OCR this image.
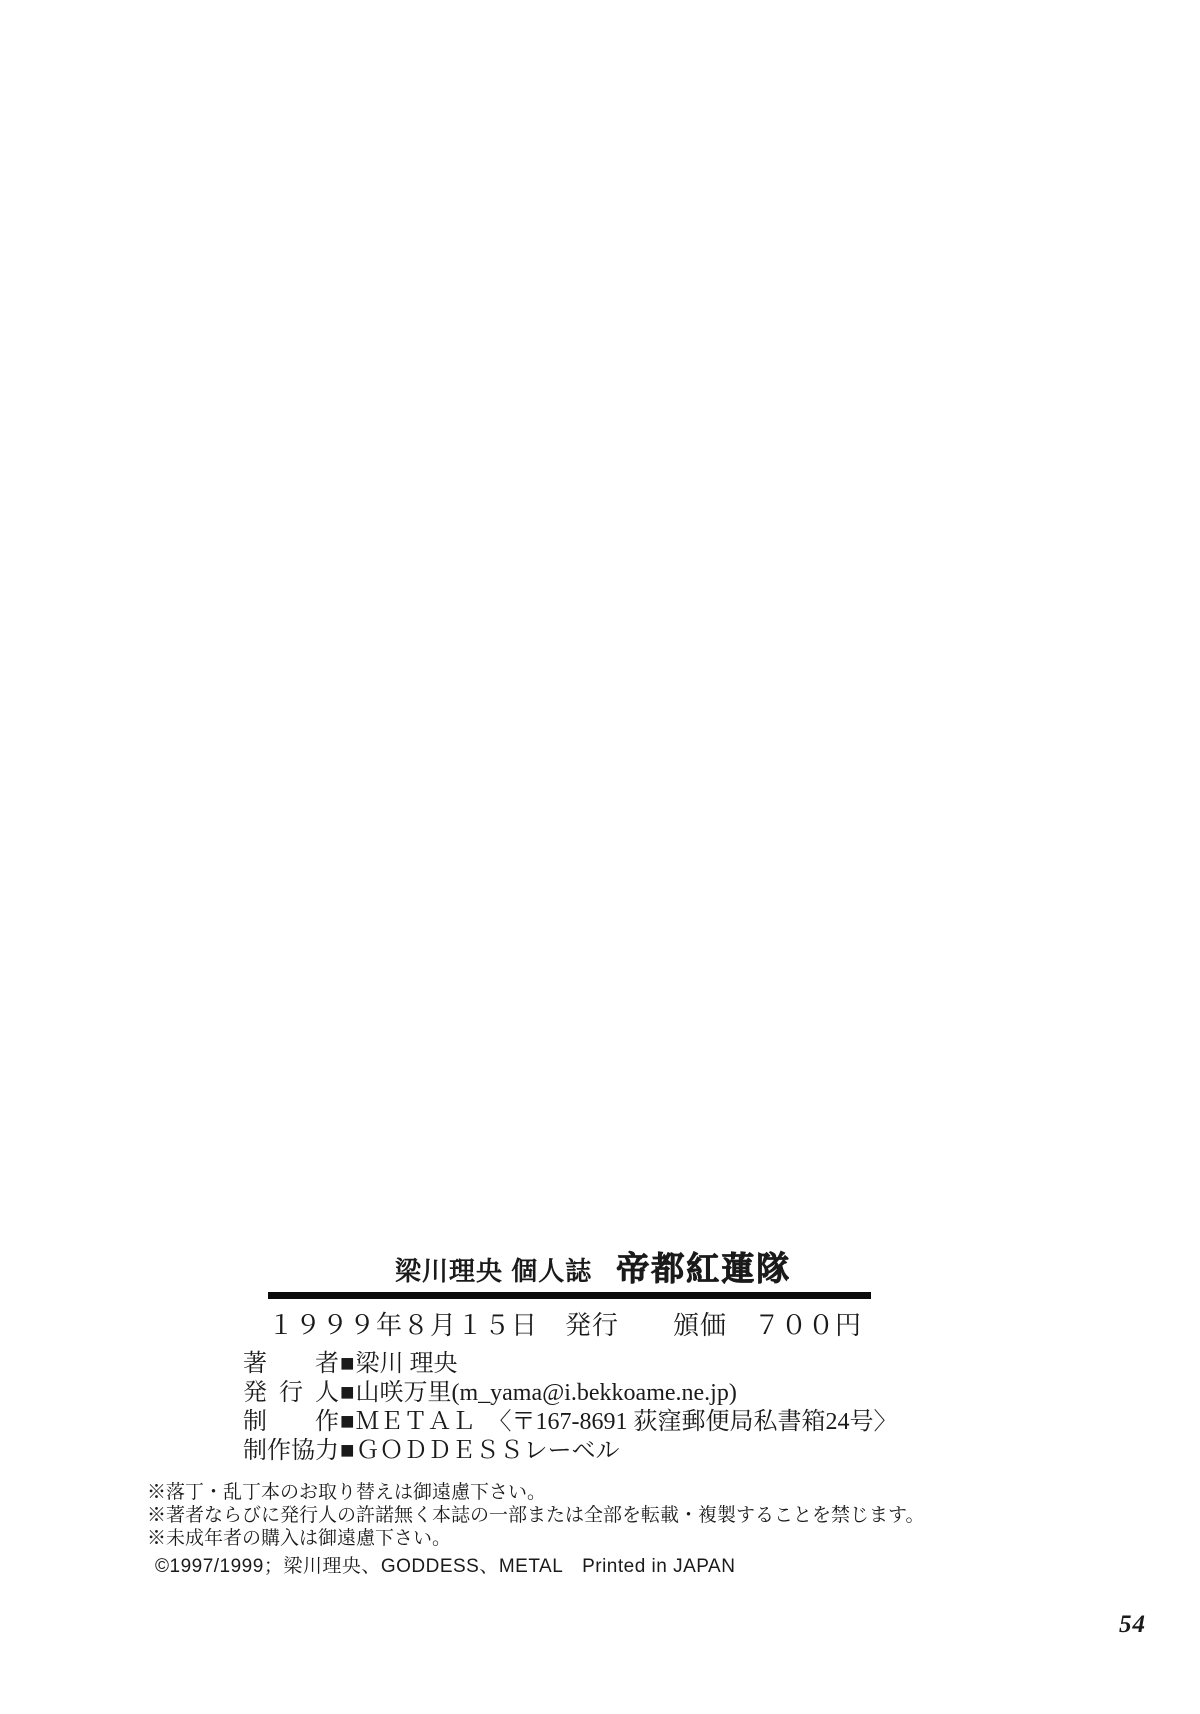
梁川理央 個人誌 帝都紅蓮隊
１９９９年８月１５日　発行　　頒価　７００円
著　　者■梁川 理央
発 行 人■山咲万里(m_yama@i.bekkoame.ne.jp)
制　　作■ＭＥＴＡＬ　〈〒167-8691 荻窪郵便局私書箱24号〉
制作協力■ＧＯＤＤＥＳＳレーベル
※落丁・乱丁本のお取り替えは御遠慮下さい。
※著者ならびに発行人の許諾無く本誌の一部または全部を転載・複製することを禁じます。
※未成年者の購入は御遠慮下さい。
©1997/1999；梁川理央、GODDESS、METAL　Printed in JAPAN
54
